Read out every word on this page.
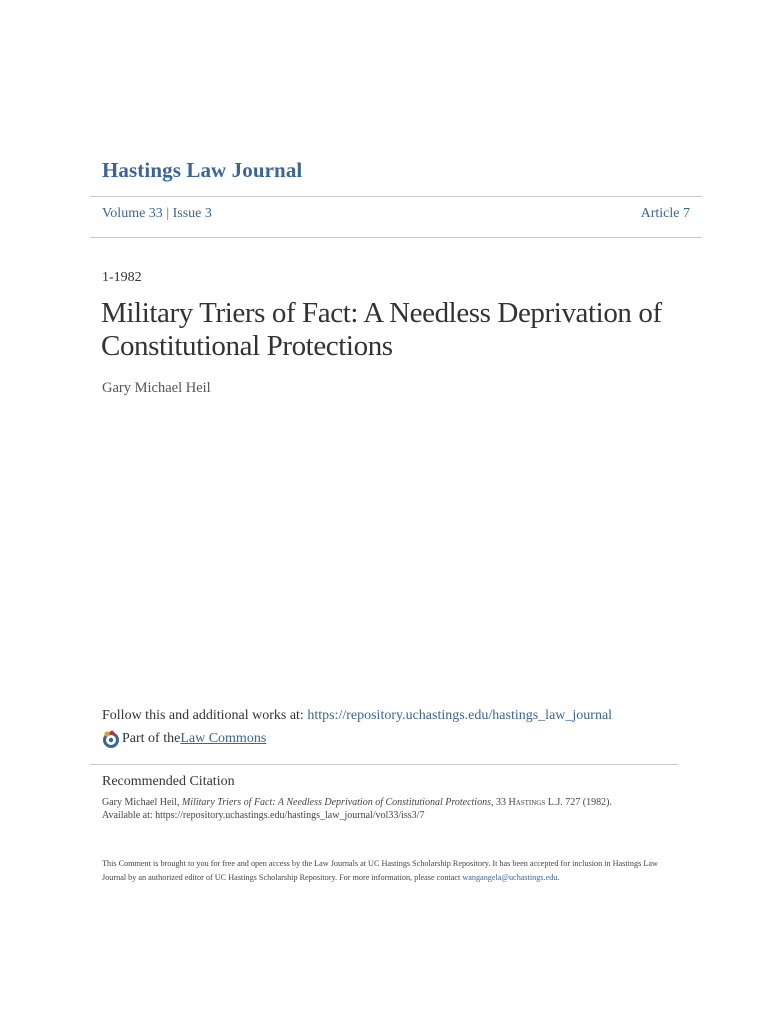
Hastings Law Journal
Volume 33 | Issue 3	Article 7
1-1982
Military Triers of Fact: A Needless Deprivation of
Constitutional Protections
Gary Michael Heil
Follow this and additional works at: https://repository.uchastings.edu/hastings_law_journal
Part of the Law Commons
Recommended Citation
Gary Michael Heil, Military Triers of Fact: A Needless Deprivation of Constitutional Protections, 33 Hastings L.J. 727 (1982).
Available at: https://repository.uchastings.edu/hastings_law_journal/vol33/iss3/7
This Comment is brought to you for free and open access by the Law Journals at UC Hastings Scholarship Repository. It has been accepted for inclusion in Hastings Law Journal by an authorized editor of UC Hastings Scholarship Repository. For more information, please contact wangangela@uchastings.edu.
